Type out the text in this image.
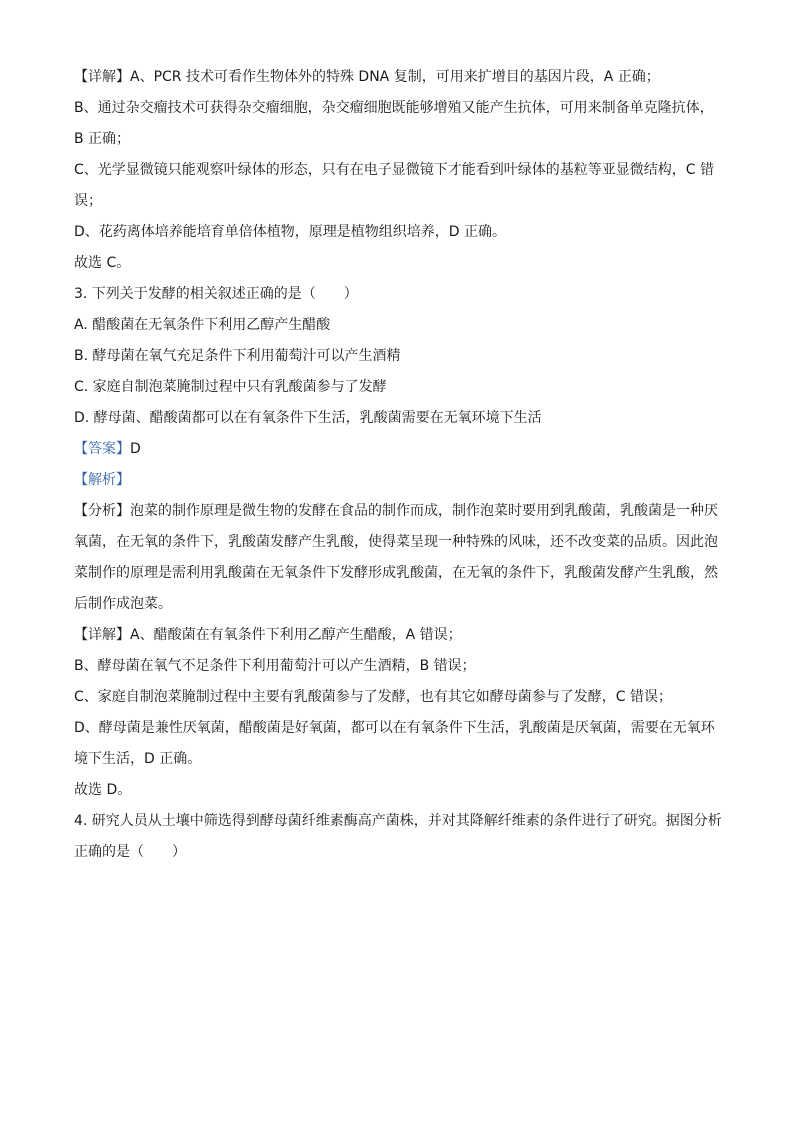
【详解】A、PCR 技术可看作生物体外的特殊 DNA 复制，可用来扩增目的基因片段，A 正确；

B、通过杂交瘤技术可获得杂交瘤细胞，杂交瘤细胞既能够增殖又能产生抗体，可用来制备单克隆抗体，

B 正确；

C、光学显微镜只能观察叶绿体的形态，只有在电子显微镜下才能看到叶绿体的基粒等亚显微结构，C 错

误；

D、花药离体培养能培育单倍体植物，原理是植物组织培养，D 正确。

故选 C。

3. 下列关于发酵的相关叙述正确的是（　　）

A. 醋酸菌在无氧条件下利用乙醇产生醋酸

B. 酵母菌在氧气充足条件下利用葡萄汁可以产生酒精

C. 家庭自制泡菜腌制过程中只有乳酸菌参与了发酵

D. 酵母菌、醋酸菌都可以在有氧条件下生活，乳酸菌需要在无氧环境下生活

【答案】D

【解析】

【分析】泡菜的制作原理是微生物的发酵在食品的制作而成，制作泡菜时要用到乳酸菌，乳酸菌是一种厌

氧菌，在无氧的条件下，乳酸菌发酵产生乳酸，使得菜呈现一种特殊的风味，还不改变菜的品质。因此泡

菜制作的原理是需利用乳酸菌在无氧条件下发酵形成乳酸菌，在无氧的条件下，乳酸菌发酵产生乳酸，然

后制作成泡菜。

【详解】A、醋酸菌在有氧条件下利用乙醇产生醋酸，A 错误；

B、酵母菌在氧气不足条件下利用葡萄汁可以产生酒精，B 错误；

C、家庭自制泡菜腌制过程中主要有乳酸菌参与了发酵，也有其它如酵母菌参与了发酵，C 错误；

D、酵母菌是兼性厌氧菌，醋酸菌是好氧菌，都可以在有氧条件下生活，乳酸菌是厌氧菌，需要在无氧环

境下生活，D 正确。

故选 D。

4. 研究人员从土壤中筛选得到酵母菌纤维素酶高产菌株，并对其降解纤维素的条件进行了研究。据图分析

正确的是（　　）
